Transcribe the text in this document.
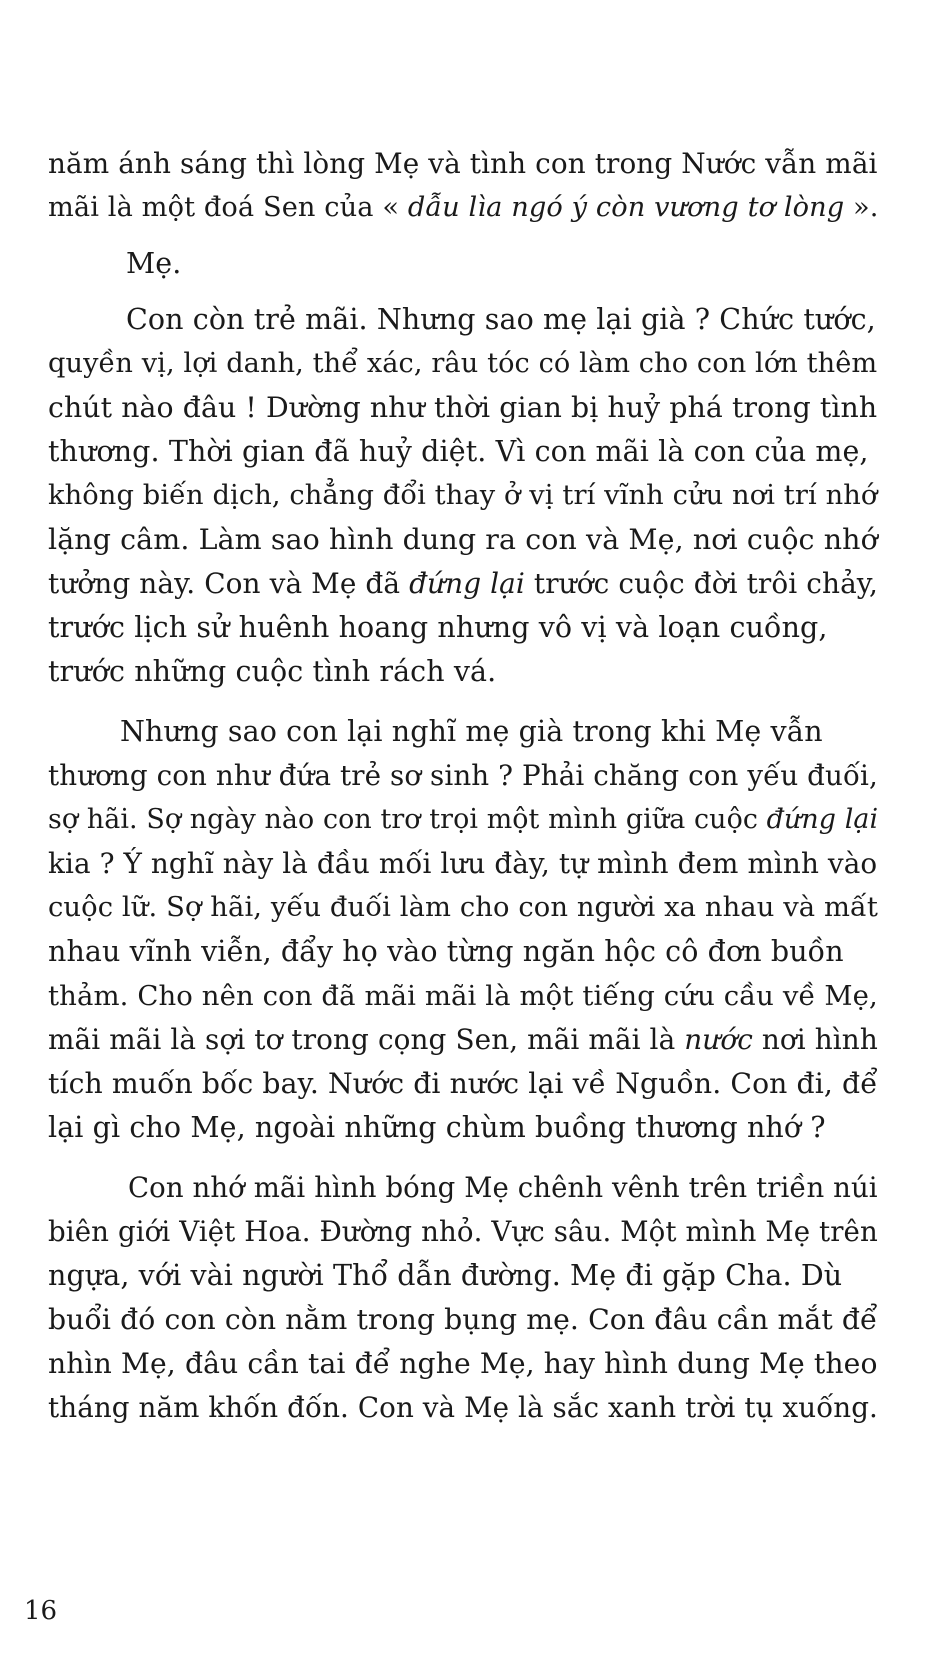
năm ánh sáng thì lòng Mẹ và tình con trong Nước vẫn mãi
mãi là một đoá Sen của « dẫu lìa ngó ý còn vương tơ lòng ».
Mẹ.
Con còn trẻ mãi. Nhưng sao mẹ lại già ? Chức tước,
quyền vị, lợi danh, thể xác, râu tóc có làm cho con lớn thêm
chút nào đâu ! Dường như thời gian bị huỷ phá trong tình
thương. Thời gian đã huỷ diệt. Vì con mãi là con của mẹ,
không biến dịch, chẳng đổi thay ở vị trí vĩnh cửu nơi trí nhớ
lặng câm. Làm sao hình dung ra con và Mẹ, nơi cuộc nhớ
tưởng này. Con và Mẹ đã đứng lại trước cuộc đời trôi chảy,
trước lịch sử huênh hoang nhưng vô vị và loạn cuồng,
trước những cuộc tình rách vá.
Nhưng sao con lại nghĩ mẹ già trong khi Mẹ vẫn
thương con như đứa trẻ sơ sinh ? Phải chăng con yếu đuối,
sợ hãi. Sợ ngày nào con trơ trọi một mình giữa cuộc đứng lại
kia ? Ý nghĩ này là đầu mối lưu đày, tự mình đem mình vào
cuộc lữ. Sợ hãi, yếu đuối làm cho con người xa nhau và mất
nhau vĩnh viễn, đẩy họ vào từng ngăn hộc cô đơn buồn
thảm. Cho nên con đã mãi mãi là một tiếng cứu cầu về Mẹ,
mãi mãi là sợi tơ trong cọng Sen, mãi mãi là nước nơi hình
tích muốn bốc bay. Nước đi nước lại về Nguồn. Con đi, để
lại gì cho Mẹ, ngoài những chùm buồng thương nhớ ?
Con nhớ mãi hình bóng Mẹ chênh vênh trên triền núi
biên giới Việt Hoa. Đường nhỏ. Vực sâu. Một mình Mẹ trên
ngựa, với vài người Thổ dẫn đường. Mẹ đi gặp Cha. Dù
buổi đó con còn nằm trong bụng mẹ. Con đâu cần mắt để
nhìn Mẹ, đâu cần tai để nghe Mẹ, hay hình dung Mẹ theo
tháng năm khốn đốn. Con và Mẹ là sắc xanh trời tụ xuống.
16
